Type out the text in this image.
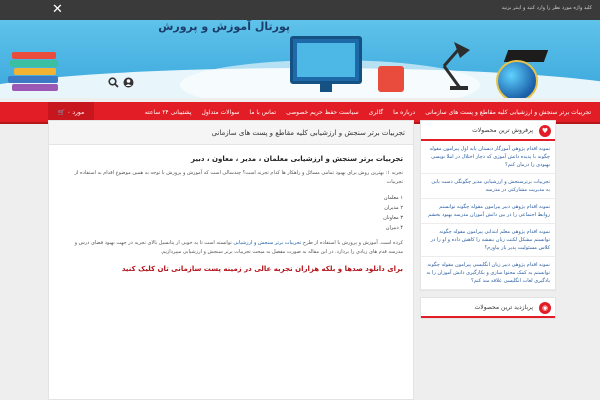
✕	کلید واژه مورد نظر را وارد کنید و اینتر بزنید
پورتال آموزش و پرورش
🛒 ۰ مورد	پشتیبانی ۲۴ ساعته	سوالات متداول	تماس با ما	سیاست حفظ حریم خصوصی	گالری	درباره ما	تجربیات برتر سنجش و ارزشیابی کلیه مقاطع و پست های سازمانی
تجربیات برتر سنجش و ارزشیابی کلیه مقاطع و پست های سازمانی
تجربیات برتر سنجش و ارزشیابی معلمان ، مدیر ، معاون ، دبیر

تجربه ۱: بهترین روش برای بهبود تمامی مسائل و راهکار ها کدام تجربه است؟ چندسالی است که آموزش و پرورش با توجه به همین موضوع اقدام به استفاده از تجربیات

۱ معلمان
۲ مدیران
۳ معاونان
۴ دبیران

کرده است. آموزش و پرورش با استفاده از طرح تجربیات برتر سنجش و ارزشیابی توانسته است تا به خوبی از پتانسیل بالای تجربه در جهت بهبود فضای درس و مدرسه قدم های زیادی را بردارد. در این مقاله به صورت مفصل به مبحث تجربیات برتر سنجش و ارزشیابی میپردازیم.

برای دانلود صدها و بلکه هزاران تجربه عالی در زمینه پست سازمانی تان کلیک کنید
♥
پرفروش ترین محصولات
نمونه اقدام پژوهی آموزگار دبستان پایه اول پیرامون مقوله چگونه با پدیده دانش آموزی که دچار اختلال در املا نویسی بهبودی را درمان کنم؟
تجربیات برترسنجش و ارزشیابی مدیر چگونگی دست یابی به مدیریت مشارکتی در مدرسه
نمونه اقدام پژوهی دبیر پیرامون مقوله چگونه توانستم روابط اجتماعی را در بین دانش آموزان مدرسه بهبود بخشم
نمونه اقدام پژوهی معلم ابتدایی پیرامون مقوله چگونه توانستم مشکل لکنت زبان بنفشه را کاهش داده و او را در کلاس مسئولیت پذیر بار بیاورم؟
نمونه اقدام پژوهی دبیر زبان انگلیسی پیرامون مقوله چگونه توانستم به کمک محتوا سازی و بکارگیری دانش آموزان را به یادگیری لغات انگلیسی علاقه مند کنم؟
◉
پربازدید ترین محصولات
